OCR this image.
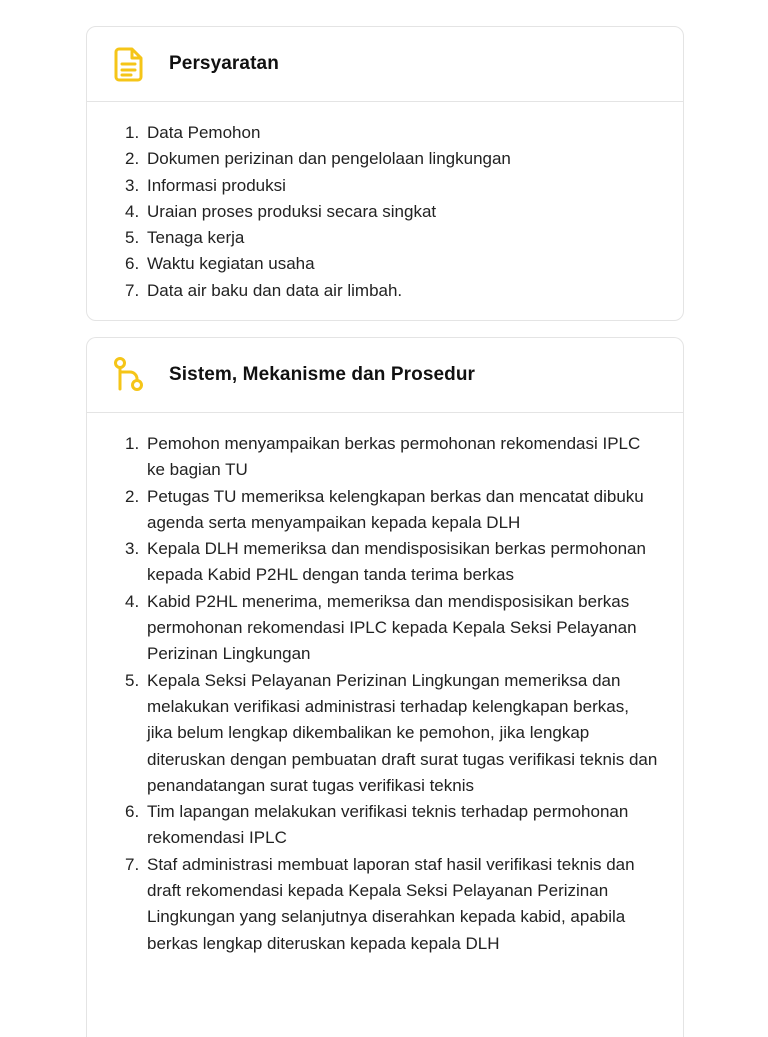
Persyaratan
1. Data Pemohon
2. Dokumen perizinan dan pengelolaan lingkungan
3. Informasi produksi
4. Uraian proses produksi secara singkat
5. Tenaga kerja
6. Waktu kegiatan usaha
7. Data air baku dan data air limbah.
Sistem, Mekanisme dan Prosedur
1. Pemohon menyampaikan berkas permohonan rekomendasi IPLC ke bagian TU
2. Petugas TU memeriksa kelengkapan berkas dan mencatat dibuku agenda serta menyampaikan kepada kepala DLH
3. Kepala DLH memeriksa dan mendisposisikan berkas permohonan kepada Kabid P2HL dengan tanda terima berkas
4. Kabid P2HL menerima, memeriksa dan mendisposisikan berkas permohonan rekomendasi IPLC kepada Kepala Seksi Pelayanan Perizinan Lingkungan
5. Kepala Seksi Pelayanan Perizinan Lingkungan memeriksa dan melakukan verifikasi administrasi terhadap kelengkapan berkas, jika belum lengkap dikembalikan ke pemohon, jika lengkap diteruskan dengan pembuatan draft surat tugas verifikasi teknis dan penandatangan surat tugas verifikasi teknis
6. Tim lapangan melakukan verifikasi teknis terhadap permohonan rekomendasi IPLC
7. Staf administrasi membuat laporan staf hasil verifikasi teknis dan draft rekomendasi kepada Kepala Seksi Pelayanan Perizinan Lingkungan yang selanjutnya diserahkan kepada kabid, apabila berkas lengkap diteruskan kepada kepala DLH
